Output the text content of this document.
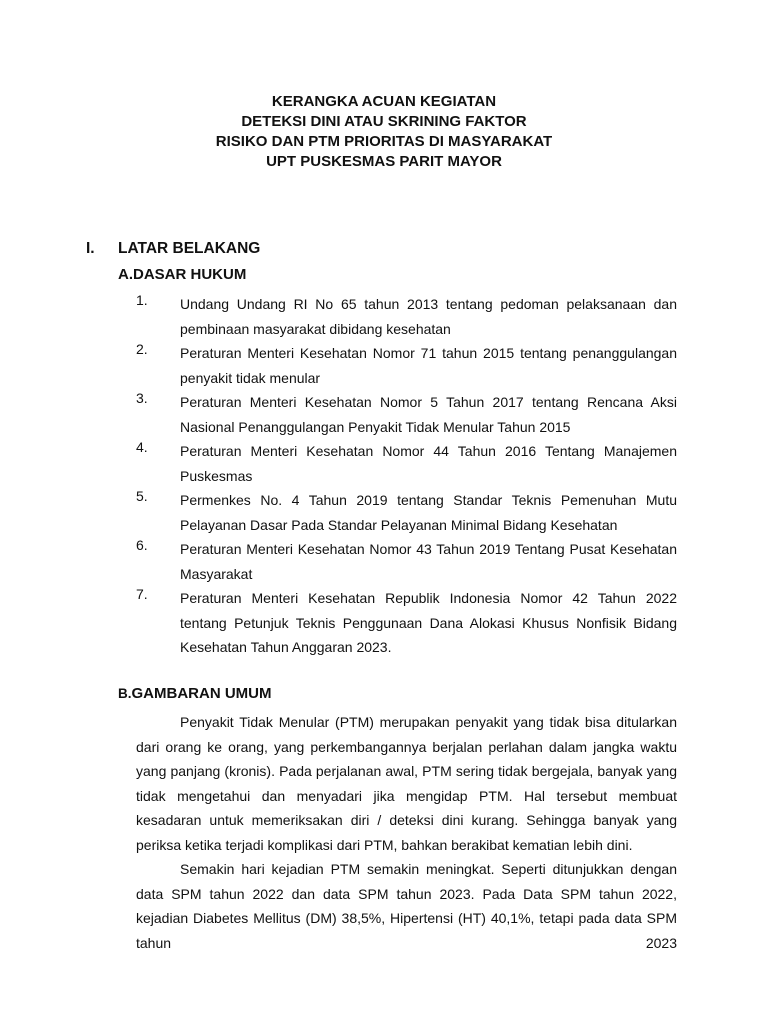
KERANGKA ACUAN KEGIATAN
DETEKSI DINI ATAU SKRINING FAKTOR
RISIKO DAN PTM PRIORITAS DI MASYARAKAT
UPT PUSKESMAS PARIT MAYOR
I. LATAR BELAKANG
A.DASAR HUKUM
1. Undang Undang RI No 65 tahun 2013 tentang pedoman pelaksanaan dan pembinaan masyarakat dibidang kesehatan
2. Peraturan Menteri Kesehatan Nomor 71 tahun 2015 tentang penanggulangan penyakit tidak menular
3. Peraturan Menteri Kesehatan Nomor 5 Tahun 2017 tentang Rencana Aksi Nasional Penanggulangan Penyakit Tidak Menular Tahun 2015
4. Peraturan Menteri Kesehatan Nomor 44 Tahun 2016 Tentang Manajemen Puskesmas
5. Permenkes No. 4 Tahun 2019 tentang Standar Teknis Pemenuhan Mutu Pelayanan Dasar Pada Standar Pelayanan Minimal Bidang Kesehatan
6. Peraturan Menteri Kesehatan Nomor 43 Tahun 2019 Tentang Pusat Kesehatan Masyarakat
7. Peraturan Menteri Kesehatan Republik Indonesia Nomor 42 Tahun 2022 tentang Petunjuk Teknis Penggunaan Dana Alokasi Khusus Nonfisik Bidang Kesehatan Tahun Anggaran 2023.
B.GAMBARAN UMUM

Penyakit Tidak Menular (PTM) merupakan penyakit yang tidak bisa ditularkan dari orang ke orang, yang perkembangannya berjalan perlahan dalam jangka waktu yang panjang (kronis). Pada perjalanan awal, PTM sering tidak bergejala, banyak yang tidak mengetahui dan menyadari jika mengidap PTM. Hal tersebut membuat kesadaran untuk memeriksakan diri / deteksi dini kurang. Sehingga banyak yang periksa ketika terjadi komplikasi dari PTM, bahkan berakibat kematian lebih dini.

Semakin hari kejadian PTM semakin meningkat. Seperti ditunjukkan dengan data SPM tahun 2022 dan data SPM tahun 2023. Pada Data SPM tahun 2022, kejadian Diabetes Mellitus (DM) 38,5%, Hipertensi (HT) 40,1%, tetapi pada data SPM tahun 2023
